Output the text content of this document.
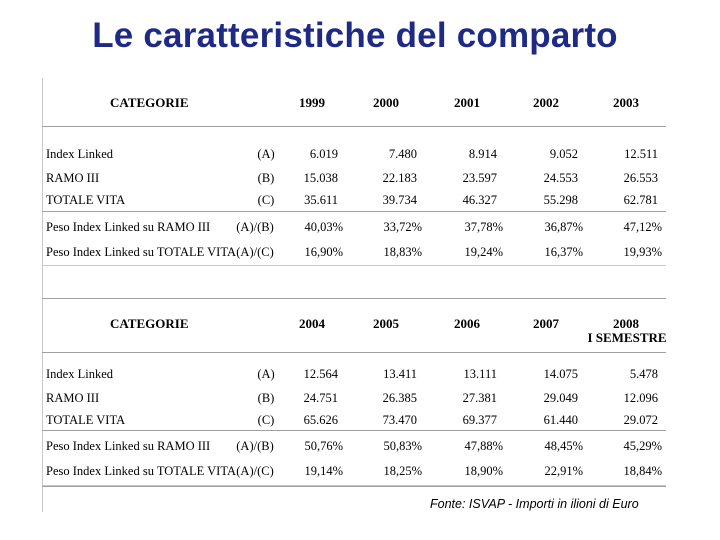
Le caratteristiche del comparto
CATEGORIE	1999	2000	2001	2002	2003
Index Linked	(A)	6.019	7.480	8.914	9.052	12.511
RAMO III	(B) 15.038	22.183	23.597	24.553	26.553
TOTALE VITA	(C) 35.611	39.734	46.327	55.298	62.781
Peso Index Linked su RAMO III (A)/(B) 40,03%	33,72%	37,78%	36,87%	47,12%
Peso Index Linked su TOTALE VITA (A)/(C) 16,90%	18,83%	19,24%	16,37%	19,93%
CATEGORIE	2004	2005	2006	2007	2008
I SEMESTRE
Index Linked	(A) 12.564	13.411	13.111	14.075	5.478
RAMO III	(B) 24.751	26.385	27.381	29.049	12.096
TOTALE VITA	(C) 65.626	73.470	69.377	61.440	29.072
Peso Index Linked su RAMO III (A)/(B) 50,76%	50,83%	47,88%	48,45%	45,29%
Peso Index Linked su TOTALE VITA (A)/(C) 19,14%	18,25%	18,90%	22,91%	18,84%
Fonte: ISVAP - Importi in ilioni di Euro
